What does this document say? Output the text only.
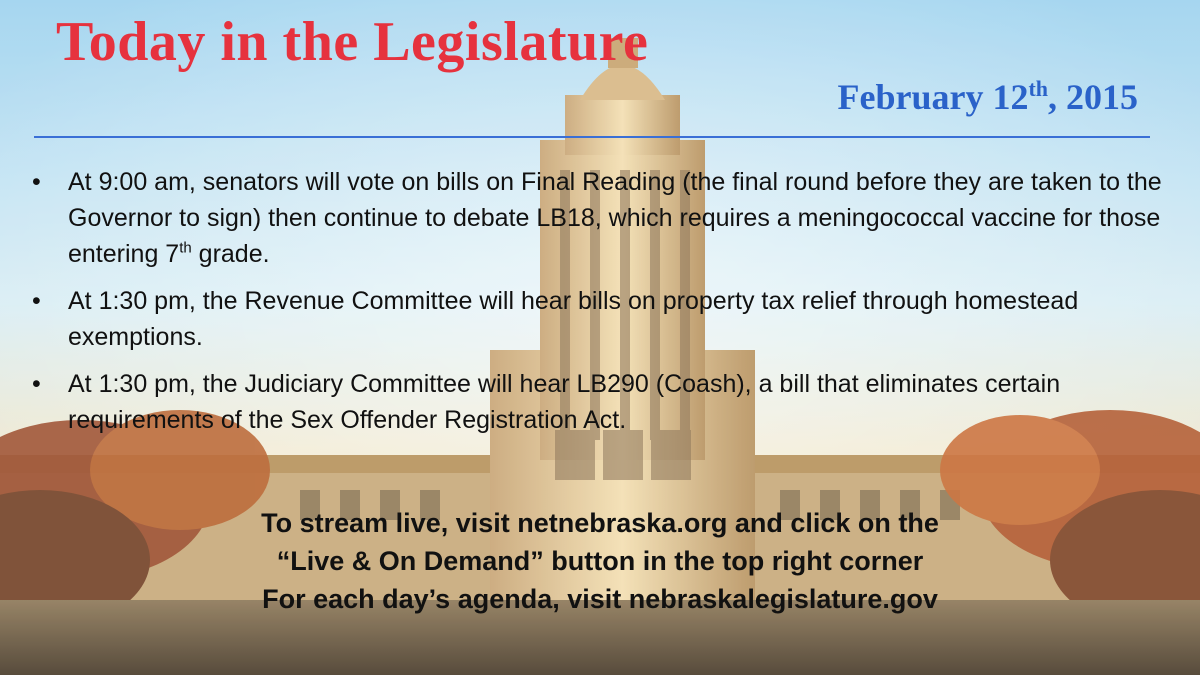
Today in the Legislature
February 12th, 2015
• At 9:00 am, senators will vote on bills on Final Reading (the final round before they are taken to the Governor to sign) then continue to debate LB18, which requires a meningococcal vaccine for those entering 7th grade.
• At 1:30 pm, the Revenue Committee will hear bills on property tax relief through homestead exemptions.
• At 1:30 pm, the Judiciary Committee will hear LB290 (Coash), a bill that eliminates certain requirements of the Sex Offender Registration Act.
To stream live, visit netnebraska.org and click on the
“Live & On Demand” button in the top right corner
For each day’s agenda, visit nebraskalegislature.gov
